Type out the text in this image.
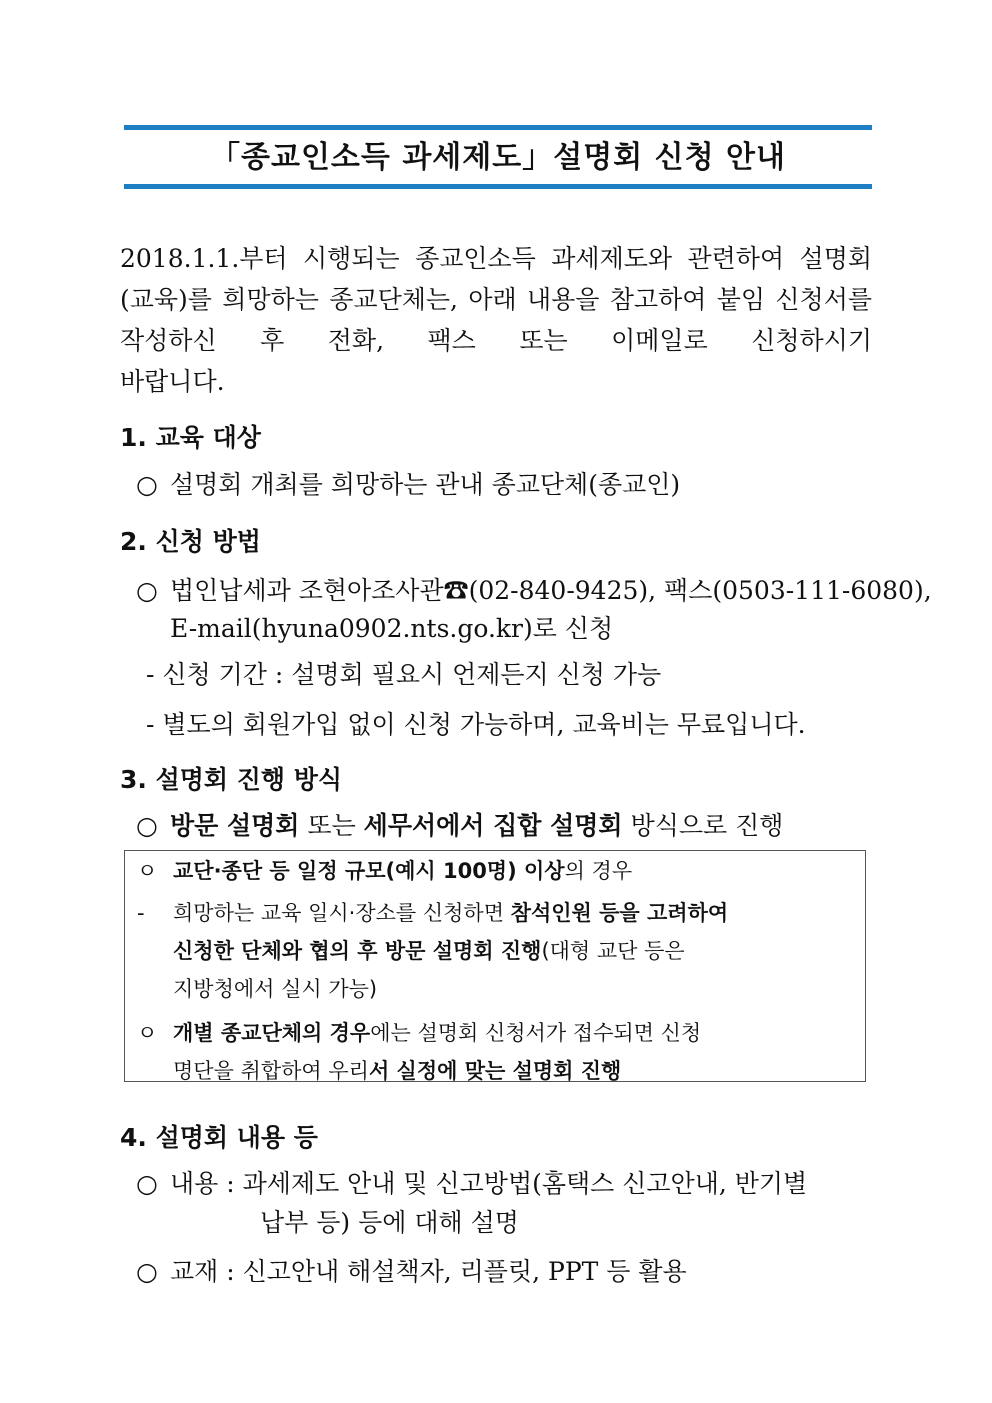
「종교인소득 과세제도」설명회 신청 안내
2018.1.1.부터 시행되는 종교인소득 과세제도와 관련하여 설명회 (교육)를 희망하는 종교단체는, 아래 내용을 참고하여 붙임 신청서를 작성하신 후 전화, 팩스 또는 이메일로 신청하시기
바랍니다.
1. 교육 대상
○ 설명회 개최를 희망하는 관내 종교단체(종교인)
2. 신청 방법
○ 법인납세과 조현아조사관☎(02-840-9425), 팩스(0503-111-6080),
E-mail(hyuna0902.nts.go.kr)로 신청
- 신청 기간 : 설명회 필요시 언제든지 신청 가능
- 별도의 회원가입 없이 신청 가능하며, 교육비는 무료입니다.
3. 설명회 진행 방식
○ 방문 설명회 또는 세무서에서 집합 설명회 방식으로 진행
ㅇ 교단·종단 등 일정 규모(예시 100명) 이상의 경우
- 희망하는 교육 일시·장소를 신청하면 참석인원 등을 고려하여
신청한 단체와 협의 후 방문 설명회 진행(대형 교단 등은
지방청에서 실시 가능)
ㅇ 개별 종교단체의 경우에는 설명회 신청서가 접수되면 신청
명단을 취합하여 우리서 실정에 맞는 설명회 진행
4. 설명회 내용 등
○ 내용 : 과세제도 안내 및 신고방법(홈택스 신고안내, 반기별
납부 등) 등에 대해 설명
○ 교재 : 신고안내 해설책자, 리플릿, PPT 등 활용
